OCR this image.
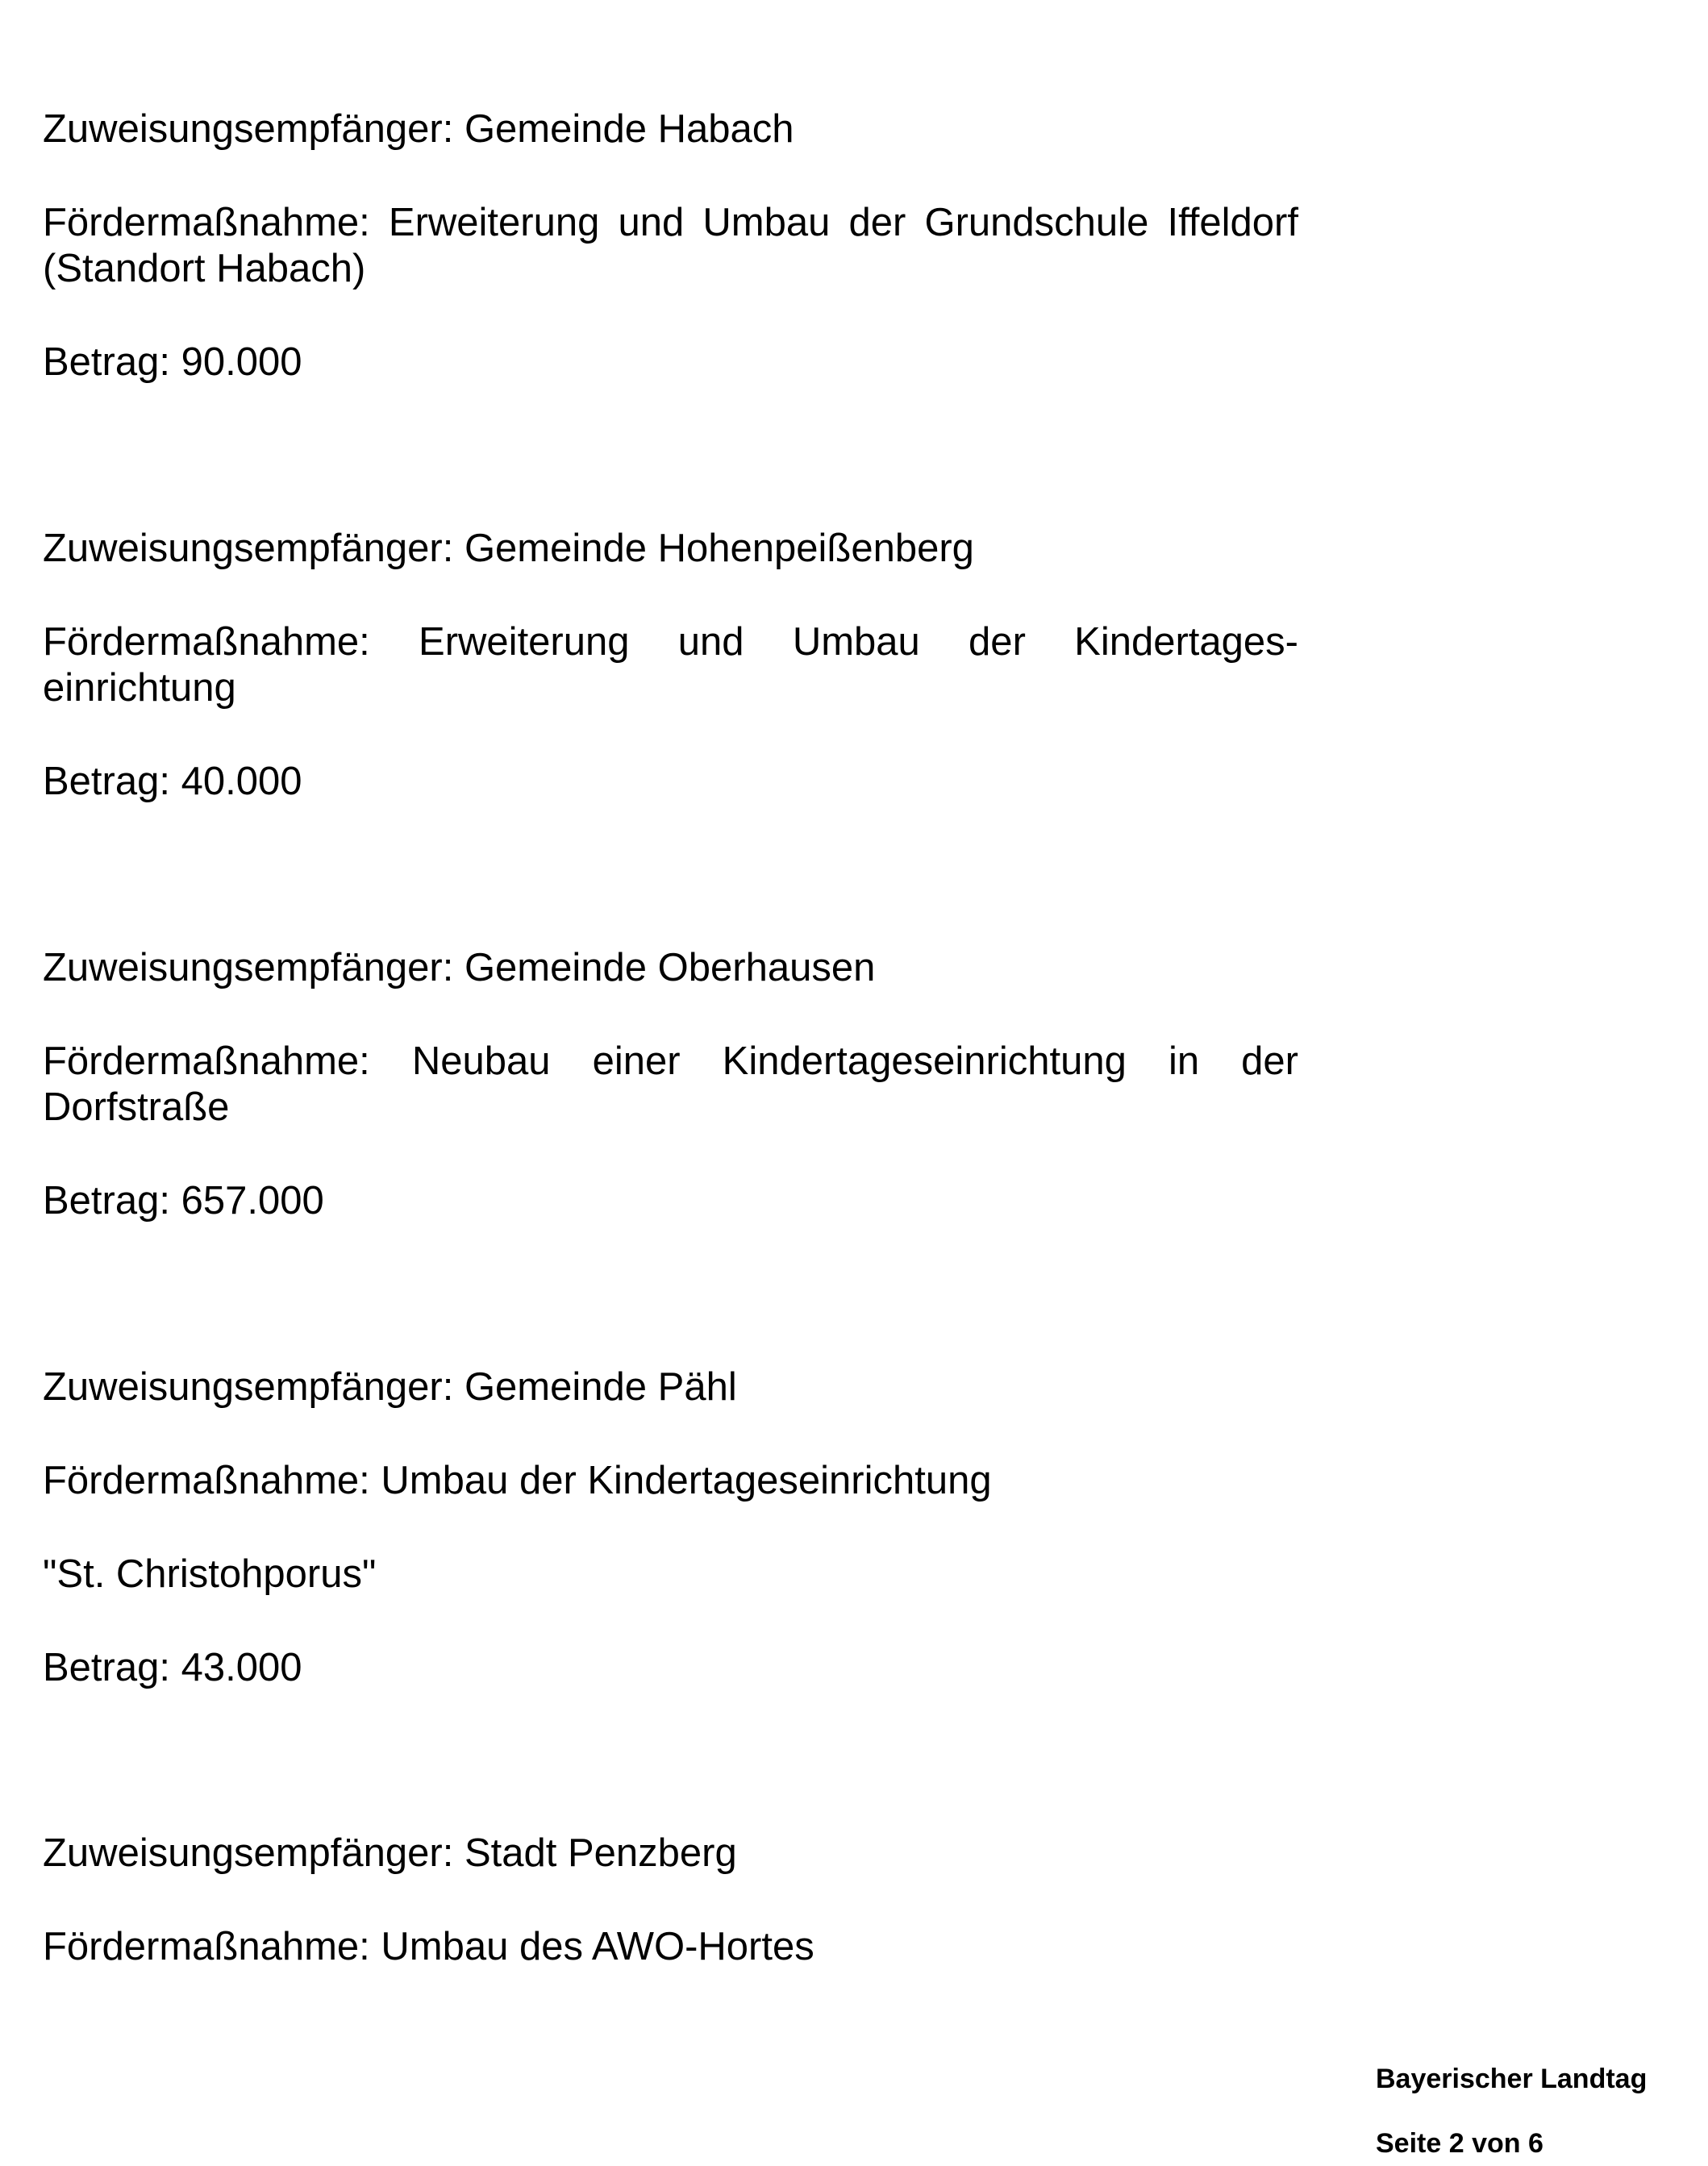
Zuweisungsempfänger: Gemeinde Habach
Fördermaßnahme: Erweiterung und Umbau der Grundschule Iffeldorf
(Standort Habach)
Betrag: 90.000
Zuweisungsempfänger: Gemeinde Hohenpeißenberg
Fördermaßnahme: Erweiterung und Umbau der Kindertages-
einrichtung
Betrag: 40.000
Zuweisungsempfänger: Gemeinde Oberhausen
Fördermaßnahme: Neubau einer Kindertageseinrichtung in der
Dorfstraße
Betrag: 657.000
Zuweisungsempfänger: Gemeinde Pähl
Fördermaßnahme: Umbau der Kindertageseinrichtung
"St. Christohporus"
Betrag: 43.000
Zuweisungsempfänger: Stadt Penzberg
Fördermaßnahme: Umbau des AWO-Hortes
Bayerischer Landtag
Seite 2 von 6
